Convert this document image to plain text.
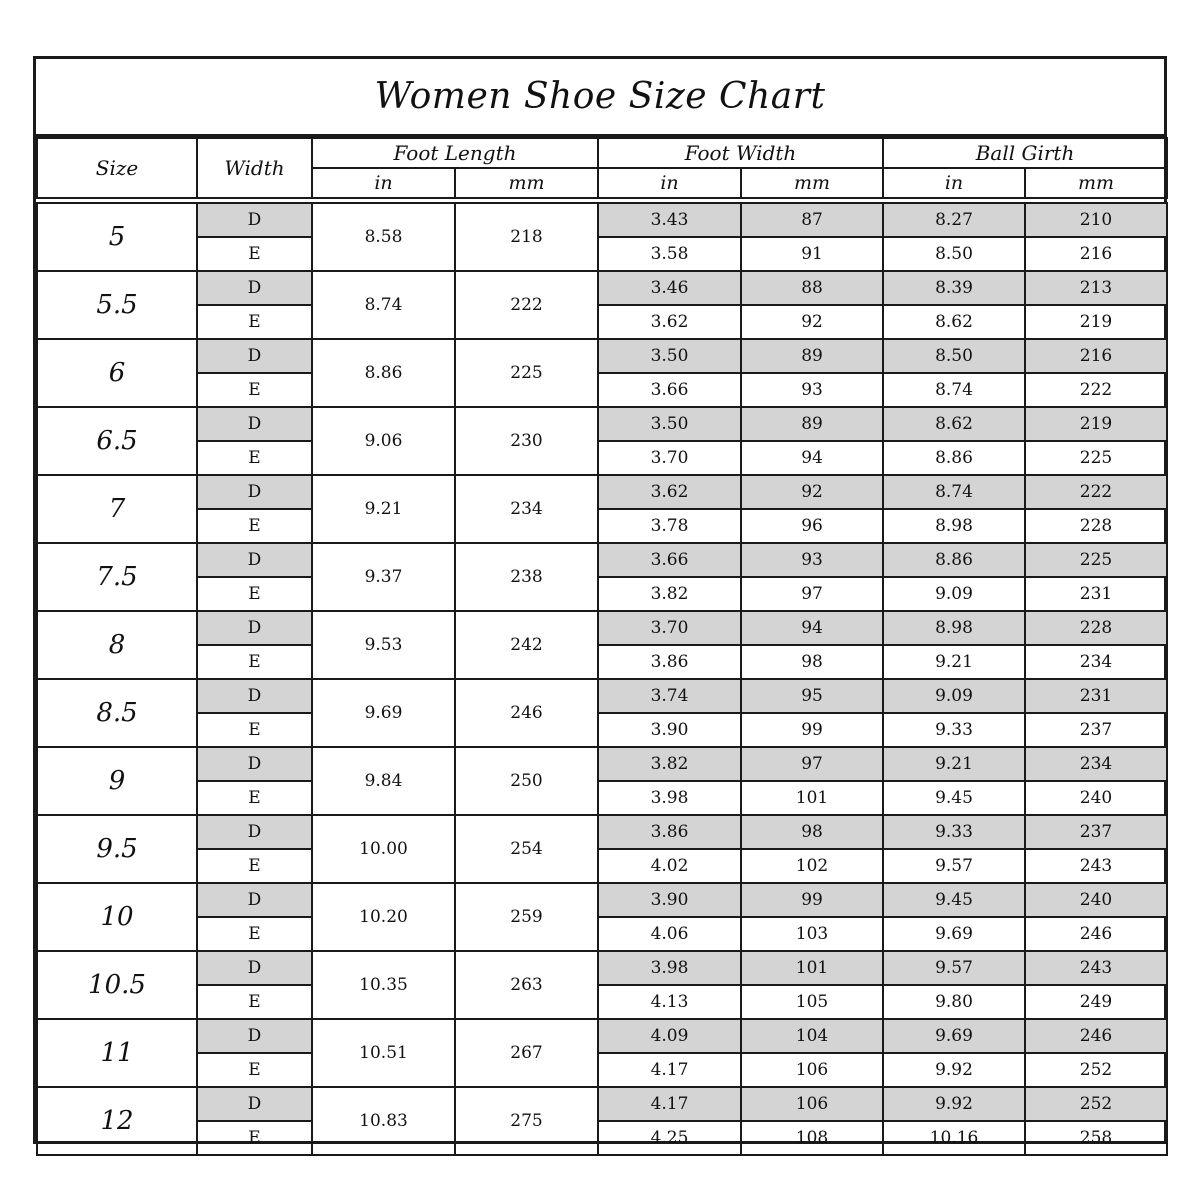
Women Shoe Size Chart
Size	Width	Foot Length		Foot Width		Ball Girth	
		in	mm	in	mm	in	mm

5	D	8.58	218	3.43	87	8.27	210
	E			3.58	91	8.50	216
5.5	D	8.74	222	3.46	88	8.39	213
	E			3.62	92	8.62	219
6	D	8.86	225	3.50	89	8.50	216
	E			3.66	93	8.74	222
6.5	D	9.06	230	3.50	89	8.62	219
	E			3.70	94	8.86	225
7	D	9.21	234	3.62	92	8.74	222
	E			3.78	96	8.98	228
7.5	D	9.37	238	3.66	93	8.86	225
	E			3.82	97	9.09	231
8	D	9.53	242	3.70	94	8.98	228
	E			3.86	98	9.21	234
8.5	D	9.69	246	3.74	95	9.09	231
	E			3.90	99	9.33	237
9	D	9.84	250	3.82	97	9.21	234
	E			3.98	101	9.45	240
9.5	D	10.00	254	3.86	98	9.33	237
	E			4.02	102	9.57	243
10	D	10.20	259	3.90	99	9.45	240
	E			4.06	103	9.69	246
10.5	D	10.35	263	3.98	101	9.57	243
	E			4.13	105	9.80	249
11	D	10.51	267	4.09	104	9.69	246
	E			4.17	106	9.92	252
12	D	10.83	275	4.17	106	9.92	252
	E			4.25	108	10.16	258
